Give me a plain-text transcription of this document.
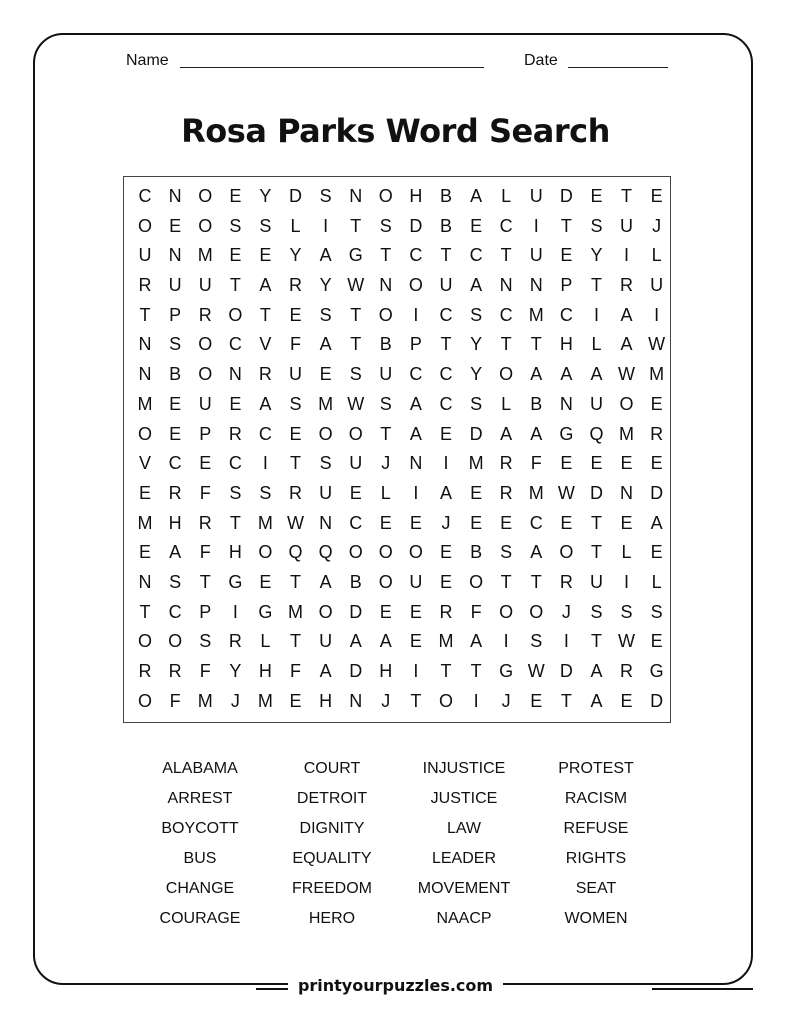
Name	Date
Rosa Parks Word Search
C N O E	Y D S N O H B	A	L	U D E	T	E
O E O S	S	L	I	T	S D B	E C	I	T	S U	J
U N M E	E	Y	A G T	C	T	C	T	U E	Y	I	L
R U U	T	A R Y W N O U A N N P	T	R U
T	P R O T	E	S	T O	I	C S C M C	I	A	I
N S O C V	F	A	T	B	P	T	Y	T	T	H	L	A W
N B O N R U E	S U C C Y O A	A	A W M
M E U E	A	S M W S	A C S	L	B N U O E
O E	P R C E O O T	A	E D A	A G Q M R
V C E C	I	T	S U	J	N	I	M R	F	E	E	E	E
E R	F	S	S R U E	L	I	A	E R M W D N D
M H R	T M W N C E	E	J	E	E C E	T	E	A
E	A	F	H O Q Q O O O E	B	S	A O T	L	E
N S	T G E	T	A	B O U E O T	T	R U	I	L
T	C P	I	G M O D E	E R	F O O	J	S	S	S
O O S R	L	T	U A	A	E M A	I	S	I	T W E
R R	F	Y H	F	A D H	I	T	T G W D A R G
O F M	J	M E H N	J	T O	I	J	E	T	A	E D
ALABAMA	COURT	INJUSTICE	PROTEST
ARREST	DETROIT	JUSTICE	RACISM
BOYCOTT	DIGNITY	LAW	REFUSE
BUS	EQUALITY	LEADER	RIGHTS
CHANGE	FREEDOM	MOVEMENT	SEAT
COURAGE	HERO	NAACP	WOMEN
printyourpuzzles.com
